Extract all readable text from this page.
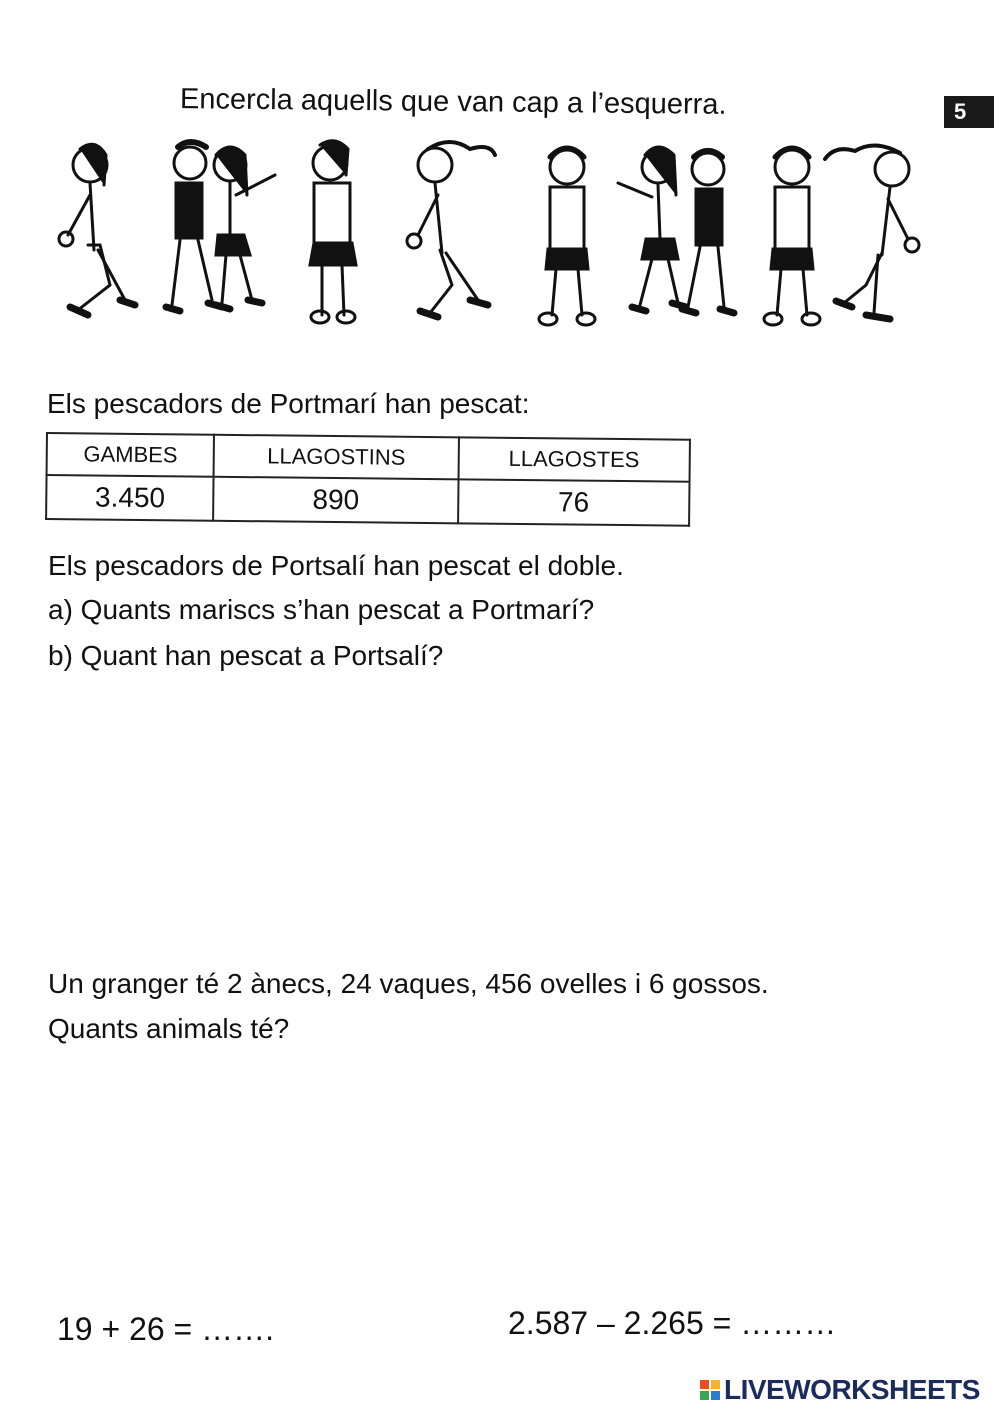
Encercla aquells que van cap a l’esquerra.	5
Els pescadors de Portmarí han pescat:
GAMBES	LLAGOSTINS	LLAGOSTES
3.450	890	76
Els pescadors de Portsalí han pescat el doble.
a) Quants mariscs s’han pescat a Portmarí?
b) Quant han pescat a Portsalí?
Un granger té 2 ànecs, 24 vaques, 456 ovelles i 6 gossos.
Quants animals té?
19 + 26 = …….	2.587 – 2.265 = ………
LIVEWORKSHEETS
